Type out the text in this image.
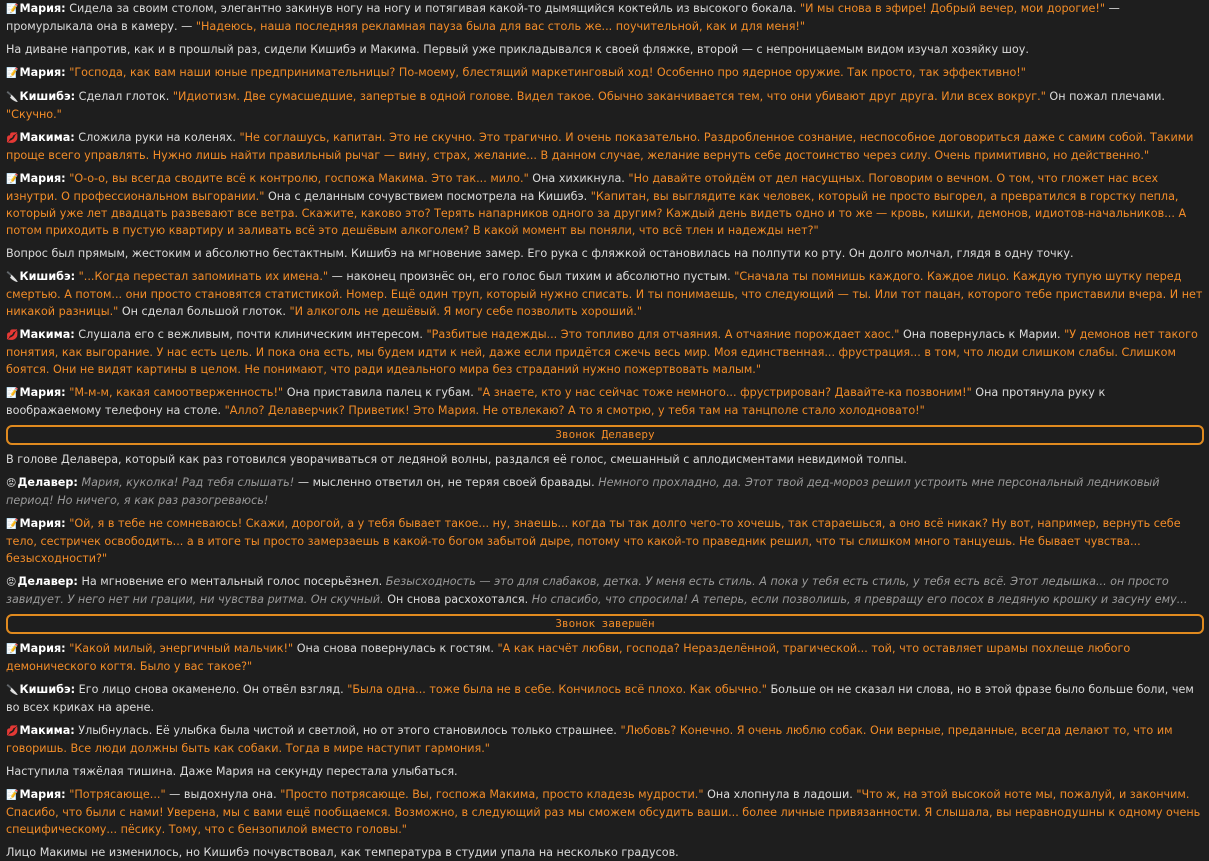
📝Мария: Сидела за своим столом, элегантно закинув ногу на ногу и потягивая какой-то дымящийся коктейль из высокого бокала. "И мы снова в эфире! Добрый вечер, мои дорогие!" — промурлыкала она в камеру. — "Надеюсь, наша последняя рекламная пауза была для вас столь же... поучительной, как и для меня!"
На диване напротив, как и в прошлый раз, сидели Кишибэ и Макима. Первый уже прикладывался к своей фляжке, второй — с непроницаемым видом изучал хозяйку шоу.
📝Мария: "Господа, как вам наши юные предпринимательницы? По-моему, блестящий маркетинговый ход! Особенно про ядерное оружие. Так просто, так эффективно!"
🔪Кишибэ: Сделал глоток. "Идиотизм. Две сумасшедшие, запертые в одной голове. Видел такое. Обычно заканчивается тем, что они убивают друг друга. Или всех вокруг." Он пожал плечами. "Скучно."
💋Макима: Сложила руки на коленях. "Не соглашусь, капитан. Это не скучно. Это трагично. И очень показательно. Раздробленное сознание, неспособное договориться даже с самим собой. Такими проще всего управлять. Нужно лишь найти правильный рычаг — вину, страх, желание... В данном случае, желание вернуть себе достоинство через силу. Очень примитивно, но действенно."
📝Мария: "О-о-о, вы всегда сводите всё к контролю, госпожа Макима. Это так... мило." Она хихикнула. "Но давайте отойдём от дел насущных. Поговорим о вечном. О том, что гложет нас всех изнутри. О профессиональном выгорании." Она с деланным сочувствием посмотрела на Кишибэ. "Капитан, вы выглядите как человек, который не просто выгорел, а превратился в горстку пепла, который уже лет двадцать развевают все ветра. Скажите, каково это? Терять напарников одного за другим? Каждый день видеть одно и то же — кровь, кишки, демонов, идиотов-начальников... А потом приходить в пустую квартиру и заливать всё это дешёвым алкоголем? В какой момент вы поняли, что всё тлен и надежды нет?"
Вопрос был прямым, жестоким и абсолютно бестактным. Кишибэ на мгновение замер. Его рука с фляжкой остановилась на полпути ко рту. Он долго молчал, глядя в одну точку.
🔪Кишибэ: "...Когда перестал запоминать их имена." — наконец произнёс он, его голос был тихим и абсолютно пустым. "Сначала ты помнишь каждого. Каждое лицо. Каждую тупую шутку перед смертью. А потом... они просто становятся статистикой. Номер. Ещё один труп, который нужно списать. И ты понимаешь, что следующий — ты. Или тот пацан, которого тебе приставили вчера. И нет никакой разницы." Он сделал большой глоток. "И алкоголь не дешёвый. Я могу себе позволить хороший."
💋Макима: Слушала его с вежливым, почти клиническим интересом. "Разбитые надежды... Это топливо для отчаяния. А отчаяние порождает хаос." Она повернулась к Марии. "У демонов нет такого понятия, как выгорание. У нас есть цель. И пока она есть, мы будем идти к ней, даже если придётся сжечь весь мир. Моя единственная... фрустрация... в том, что люди слишком слабы. Слишком боятся. Они не видят картины в целом. Не понимают, что ради идеального мира без страданий нужно пожертвовать малым."
📝Мария: "М-м-м, какая самоотверженность!" Она приставила палец к губам. "А знаете, кто у нас сейчас тоже немного... фрустрирован? Давайте-ка позвоним!" Она протянула руку к воображаемому телефону на столе. "Алло? Делаверчик? Приветик! Это Мария. Не отвлекаю? А то я смотрю, у тебя там на танцполе стало холодновато!"
Звонок Делаверу
В голове Делавера, который как раз готовился уворачиваться от ледяной волны, раздался её голос, смешанный с аплодисментами невидимой толпы.
😡Делавер: Мария, куколка! Рад тебя слышать! — мысленно ответил он, не теряя своей бравады. Немного прохладно, да. Этот твой дед-мороз решил устроить мне персональный ледниковый период! Но ничего, я как раз разогреваюсь!
📝Мария: "Ой, я в тебе не сомневаюсь! Скажи, дорогой, а у тебя бывает такое... ну, знаешь... когда ты так долго чего-то хочешь, так стараешься, а оно всё никак? Ну вот, например, вернуть себе тело, сестричек освободить... а в итоге ты просто замерзаешь в какой-то богом забытой дыре, потому что какой-то праведник решил, что ты слишком много танцуешь. Не бывает чувства... безысходности?"
😡Делавер: На мгновение его ментальный голос посерьёзнел. Безысходность — это для слабаков, детка. У меня есть стиль. А пока у тебя есть стиль, у тебя есть всё. Этот ледышка... он просто завидует. У него нет ни грации, ни чувства ритма. Он скучный. Он снова расхохотался. Но спасибо, что спросила! А теперь, если позволишь, я превращу его посох в ледяную крошку и засуну ему...
Звонок завершён
📝Мария: "Какой милый, энергичный мальчик!" Она снова повернулась к гостям. "А как насчёт любви, господа? Неразделённой, трагической... той, что оставляет шрамы похлеще любого демонического когтя. Было у вас такое?"
🔪Кишибэ: Его лицо снова окаменело. Он отвёл взгляд. "Была одна... тоже была не в себе. Кончилось всё плохо. Как обычно." Больше он не сказал ни слова, но в этой фразе было больше боли, чем во всех криках на арене.
💋Макима: Улыбнулась. Её улыбка была чистой и светлой, но от этого становилось только страшнее. "Любовь? Конечно. Я очень люблю собак. Они верные, преданные, всегда делают то, что им говоришь. Все люди должны быть как собаки. Тогда в мире наступит гармония."
Наступила тяжёлая тишина. Даже Мария на секунду перестала улыбаться.
📝Мария: "Потрясающе..." — выдохнула она. "Просто потрясающе. Вы, госпожа Макима, просто кладезь мудрости." Она хлопнула в ладоши. "Что ж, на этой высокой ноте мы, пожалуй, и закончим. Спасибо, что были с нами! Уверена, мы с вами ещё пообщаемся. Возможно, в следующий раз мы сможем обсудить ваши... более личные привязанности. Я слышала, вы неравнодушны к одному очень специфическому... пёсику. Тому, что с бензопилой вместо головы."
Лицо Макимы не изменилось, но Кишибэ почувствовал, как температура в студии упала на несколько градусов.
